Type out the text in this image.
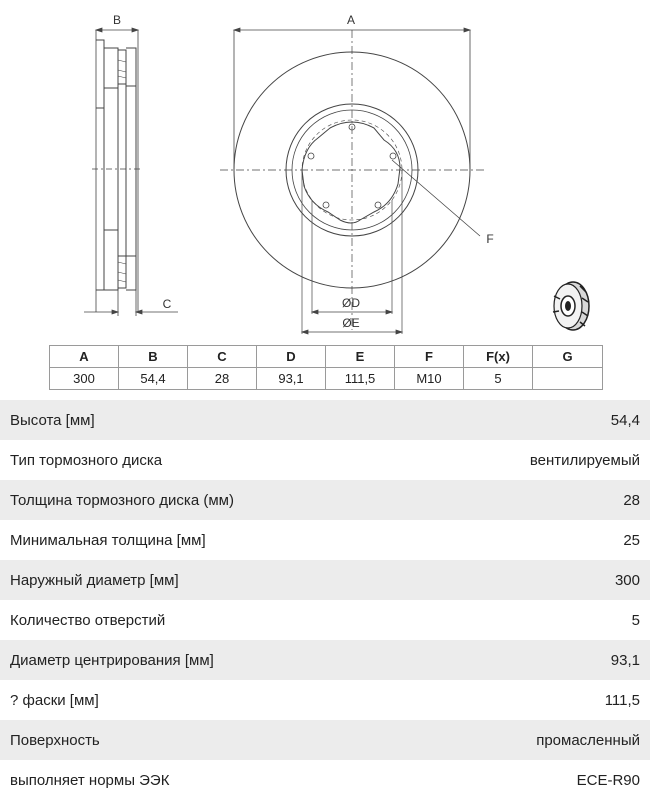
B
C
A
ØD
ØE
F
A	B	C	D	E	F	F(x)	G
300	54,4	28	93,1	111,5	M10	5	
Высота [мм]	54,4
Тип тормозного диска	вентилируемый
Толщина тормозного диска (мм)	28
Минимальная толщина [мм]	25
Наружный диаметр [мм]	300
Количество отверстий	5
Диаметр центрирования [мм]	93,1
? фаски [мм]	111,5
Поверхность	промасленный
выполняет нормы ЭЭК	ECE-R90
